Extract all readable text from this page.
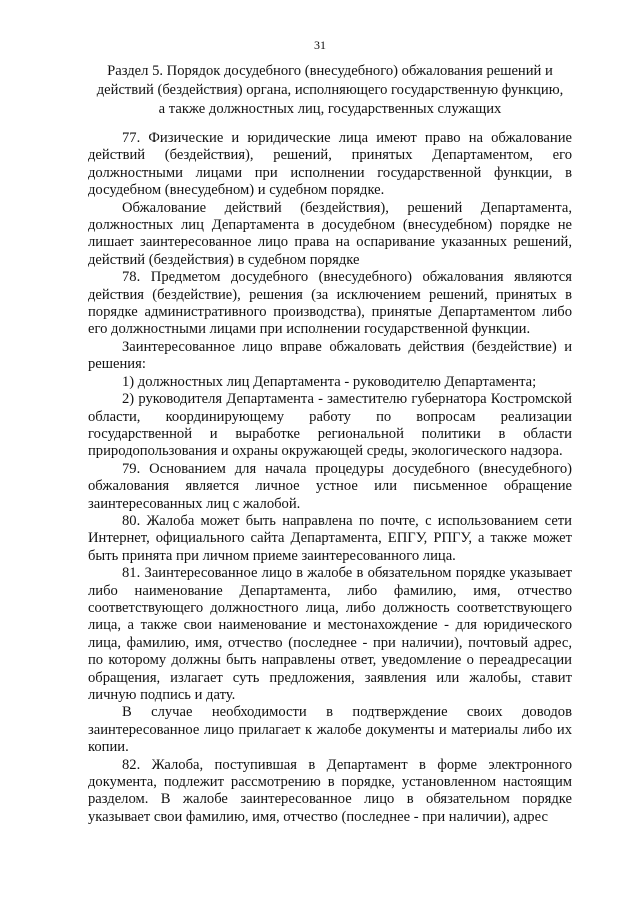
31
Раздел 5. Порядок досудебного (внесудебного) обжалования решений и
действий (бездействия) органа, исполняющего государственную функцию,
а также должностных лиц, государственных служащих

77. Физические и юридические лица имеют право на обжалование действий (бездействия), решений, принятых Департаментом, его должностными лицами при исполнении государственной функции, в досудебном (внесудебном) и судебном порядке.

Обжалование действий (бездействия), решений Департамента, должностных лиц Департамента в досудебном (внесудебном) порядке не лишает заинтересованное лицо права на оспаривание указанных решений, действий (бездействия) в судебном порядке

78. Предметом досудебного (внесудебного) обжалования являются действия (бездействие), решения (за исключением решений, принятых в порядке административного производства), принятые Департаментом либо его должностными лицами при исполнении государственной функции.

Заинтересованное лицо вправе обжаловать действия (бездействие) и решения:

1) должностных лиц Департамента - руководителю Департамента;

2) руководителя Департамента - заместителю губернатора Костромской области, координирующему работу по вопросам реализации государственной и выработке региональной политики в области природопользования и охраны окружающей среды, экологического надзора.

79. Основанием для начала процедуры досудебного (внесудебного) обжалования является личное устное или письменное обращение заинтересованных лиц с жалобой.

80. Жалоба может быть направлена по почте, с использованием сети Интернет, официального сайта Департамента, ЕПГУ, РПГУ, а также может быть принята при личном приеме заинтересованного лица.

81. Заинтересованное лицо в жалобе в обязательном порядке указывает либо наименование Департамента, либо фамилию, имя, отчество соответствующего должностного лица, либо должность соответствующего лица, а также свои наименование и местонахождение - для юридического лица, фамилию, имя, отчество (последнее - при наличии), почтовый адрес, по которому должны быть направлены ответ, уведомление о переадресации обращения, излагает суть предложения, заявления или жалобы, ставит личную подпись и дату.

В случае необходимости в подтверждение своих доводов заинтересованное лицо прилагает к жалобе документы и материалы либо их копии.

82. Жалоба, поступившая в Департамент в форме электронного документа, подлежит рассмотрению в порядке, установленном настоящим разделом. В жалобе заинтересованное лицо в обязательном порядке указывает свои фамилию, имя, отчество (последнее - при наличии), адрес
